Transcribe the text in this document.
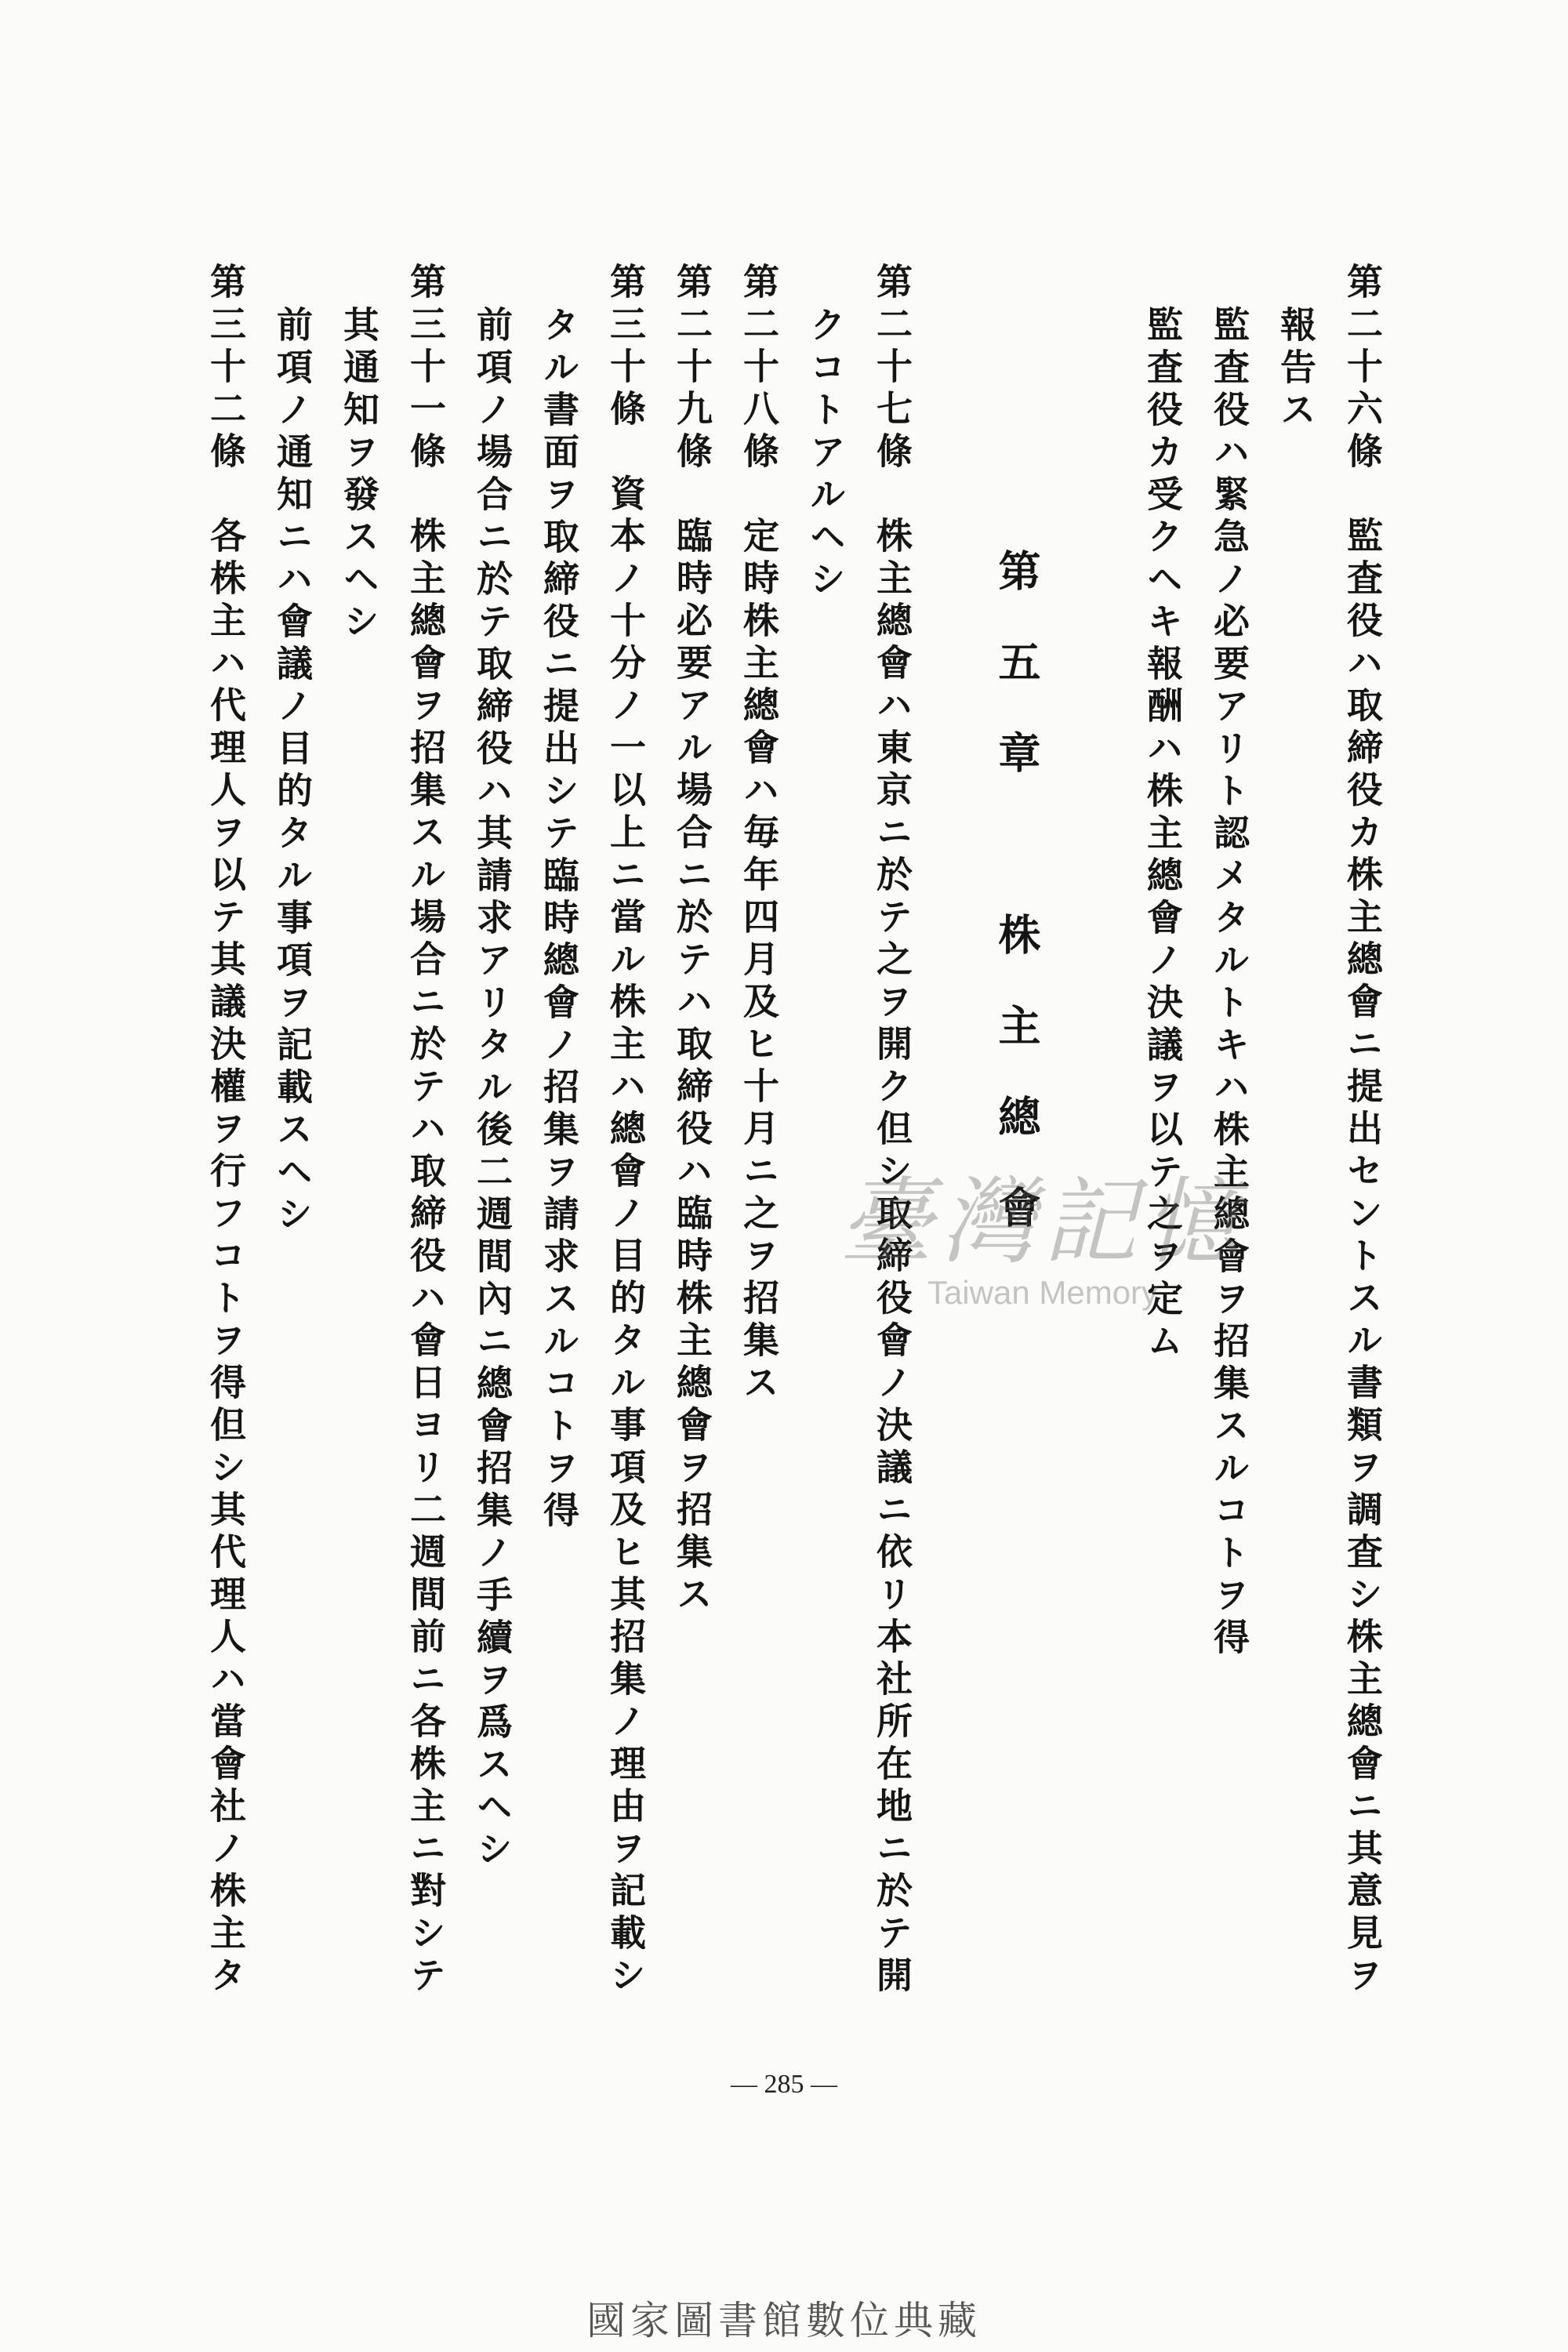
第二十六條　監査役ハ取締役カ株主總會ニ提出セントスル書類ヲ調査シ株主總會ニ其意見ヲ
報告ス
監査役ハ緊急ノ必要アリト認メタルトキハ株主總會ヲ招集スルコトヲ得
監査役カ受クヘキ報酬ハ株主總會ノ決議ヲ以テ之ヲ定ム
第五章　株主總會
第二十七條　株主總會ハ東京ニ於テ之ヲ開ク但シ取締役會ノ決議ニ依リ本社所在地ニ於テ開
クコトアルヘシ
第二十八條　定時株主總會ハ毎年四月及ヒ十月ニ之ヲ招集ス
第二十九條　臨時必要アル場合ニ於テハ取締役ハ臨時株主總會ヲ招集ス
第三十條　資本ノ十分ノ一以上ニ當ル株主ハ總會ノ目的タル事項及ヒ其招集ノ理由ヲ記載シ
タル書面ヲ取締役ニ提出シテ臨時總會ノ招集ヲ請求スルコトヲ得
前項ノ場合ニ於テ取締役ハ其請求アリタル後二週間內ニ總會招集ノ手續ヲ爲スヘシ
第三十一條　株主總會ヲ招集スル場合ニ於テハ取締役ハ會日ヨリ二週間前ニ各株主ニ對シテ
其通知ヲ發スヘシ
前項ノ通知ニハ會議ノ目的タル事項ヲ記載スヘシ
第三十二條　各株主ハ代理人ヲ以テ其議決權ヲ行フコトヲ得但シ其代理人ハ當會社ノ株主タ
— 285 —
臺灣記憶
Taiwan Memory
國家圖書館數位典藏
